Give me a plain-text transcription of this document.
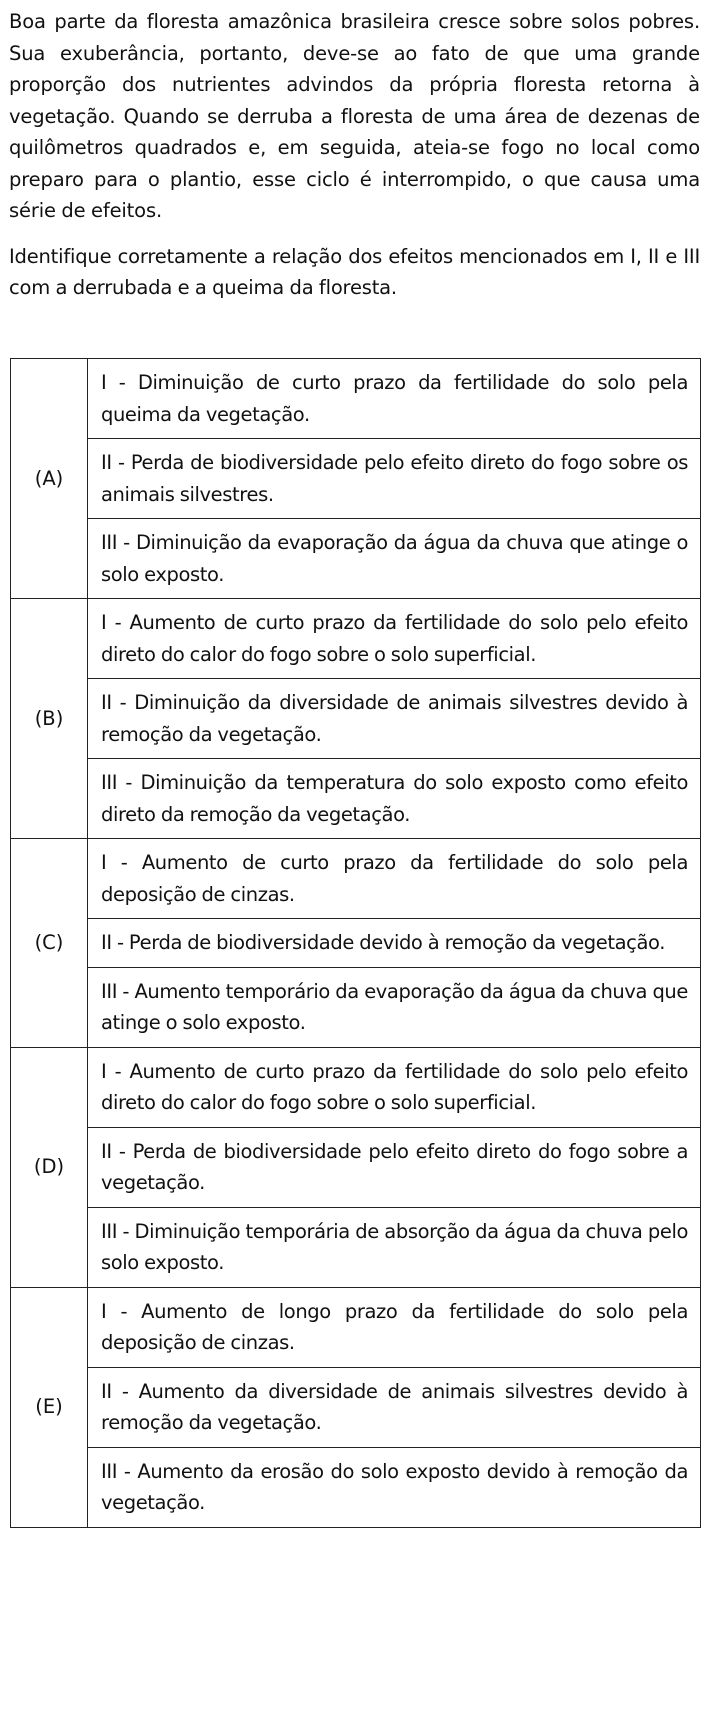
Boa parte da floresta amazônica brasileira cresce sobre solos pobres. Sua exuberância, portanto, deve-se ao fato de que uma grande proporção dos nutrientes advindos da própria floresta retorna à vegetação. Quando se derruba a floresta de uma área de dezenas de quilômetros quadrados e, em seguida, ateia-se fogo no local como preparo para o plantio, esse ciclo é interrompido, o que causa uma série de efeitos.

Identifique corretamente a relação dos efeitos mencionados em I, II e III com a derrubada e a queima da floresta.

(A)	I - Diminuição de curto prazo da fertilidade do solo pela queima da vegetação.
	II - Perda de biodiversidade pelo efeito direto do fogo sobre os animais silvestres.
	III - Diminuição da evaporação da água da chuva que atinge o solo exposto.
(B)	I - Aumento de curto prazo da fertilidade do solo pelo efeito direto do calor do fogo sobre o solo superficial.
	II - Diminuição da diversidade de animais silvestres devido à remoção da vegetação.
	III - Diminuição da temperatura do solo exposto como efeito direto da remoção da vegetação.
(C)	I - Aumento de curto prazo da fertilidade do solo pela deposição de cinzas.
	II - Perda de biodiversidade devido à remoção da vegetação.
	III - Aumento temporário da evaporação da água da chuva que atinge o solo exposto.
(D)	I - Aumento de curto prazo da fertilidade do solo pelo efeito direto do calor do fogo sobre o solo superficial.
	II - Perda de biodiversidade pelo efeito direto do fogo sobre a vegetação.
	III - Diminuição temporária de absorção da água da chuva pelo solo exposto.
(E)	I - Aumento de longo prazo da fertilidade do solo pela deposição de cinzas.
	II - Aumento da diversidade de animais silvestres devido à remoção da vegetação.
	III - Aumento da erosão do solo exposto devido à remoção da vegetação.
